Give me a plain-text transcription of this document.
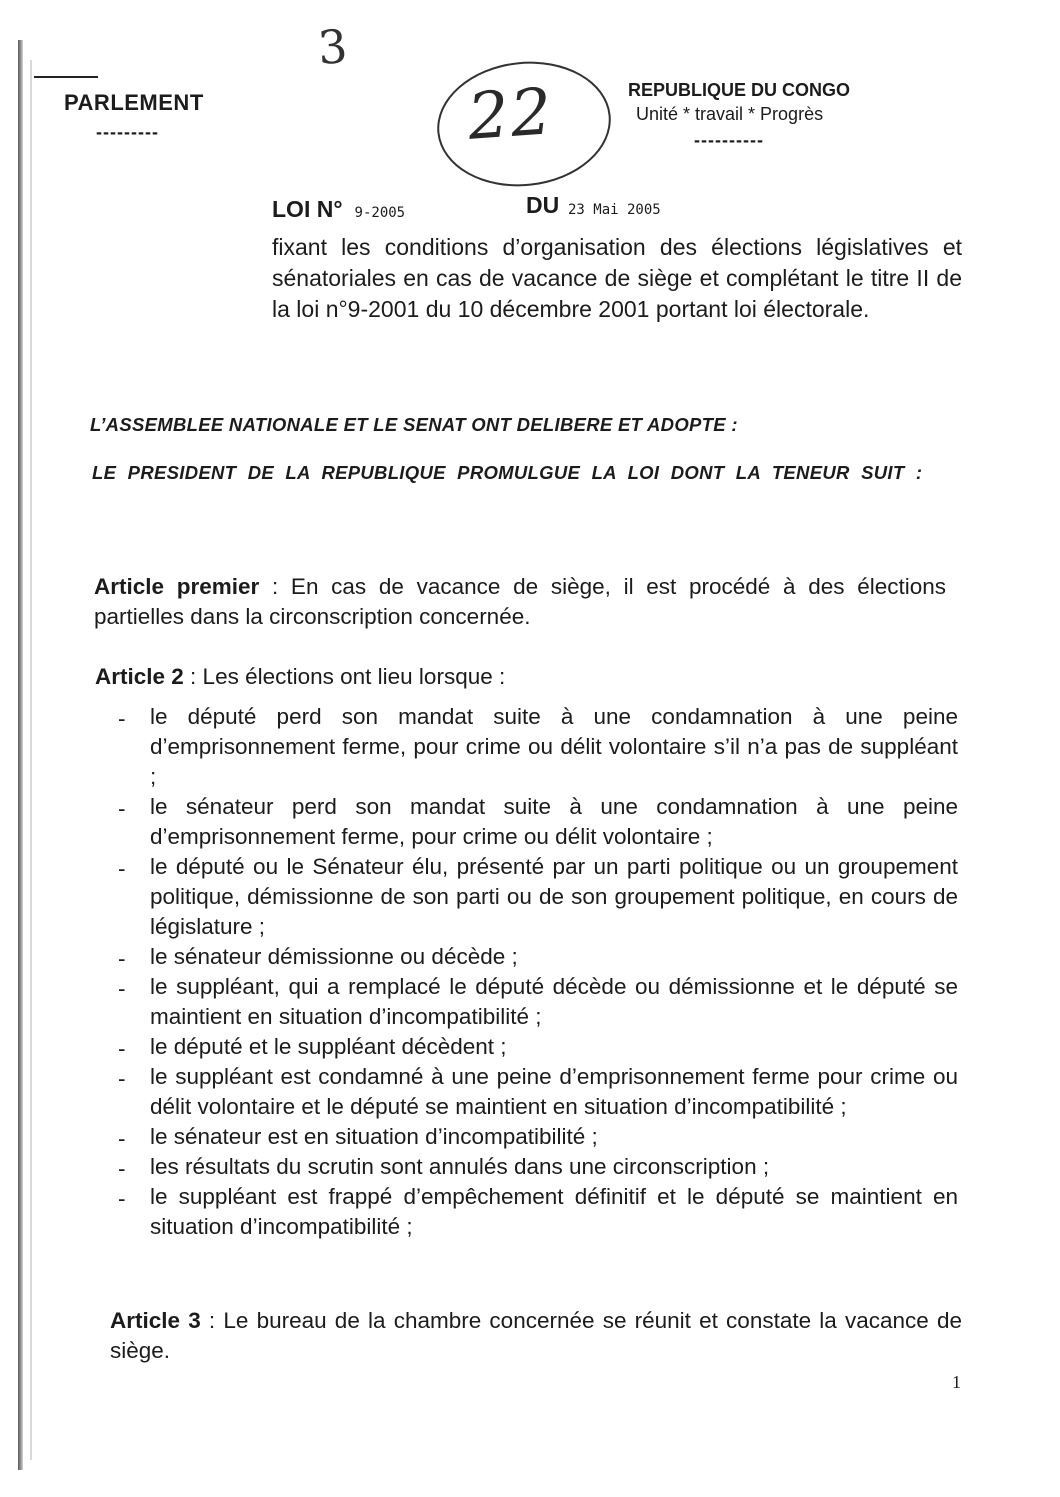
3
22
PARLEMENT
---------
REPUBLIQUE DU CONGO
Unité * travail * Progrès
----------
LOI N° 9-2005	DU 23 Mai 2005
fixant les conditions d’organisation des élections législatives et sénatoriales en cas de vacance de siège et complétant le titre II de la loi n°9-2001 du 10 décembre 2001 portant loi électorale.
L’ASSEMBLEE NATIONALE ET LE SENAT ONT DELIBERE ET ADOPTE :
LE PRESIDENT DE LA REPUBLIQUE PROMULGUE LA LOI DONT LA TENEUR SUIT :
Article premier : En cas de vacance de siège, il est procédé à des élections partielles dans la circonscription concernée.
Article 2 : Les élections ont lieu lorsque :
- le député perd son mandat suite à une condamnation à une peine d’emprisonnement ferme, pour crime ou délit volontaire s’il n’a pas de suppléant ;
- le sénateur perd son mandat suite à une condamnation à une peine d’emprisonnement ferme, pour crime ou délit volontaire ;
- le député ou le Sénateur élu, présenté par un parti politique ou un groupement politique, démissionne de son parti ou de son groupement politique, en cours de législature ;
- le sénateur démissionne ou décède ;
- le suppléant, qui a remplacé le député décède ou démissionne et le député se maintient en situation d’incompatibilité ;
- le député et le suppléant décèdent ;
- le suppléant est condamné à une peine d’emprisonnement ferme pour crime ou délit volontaire et le député se maintient en situation d’incompatibilité ;
- le sénateur est en situation d’incompatibilité ;
- les résultats du scrutin sont annulés dans une circonscription ;
- le suppléant est frappé d’empêchement définitif et le député se maintient en situation d’incompatibilité ;
Article 3 : Le bureau de la chambre concernée se réunit et constate la vacance de siège.
1
